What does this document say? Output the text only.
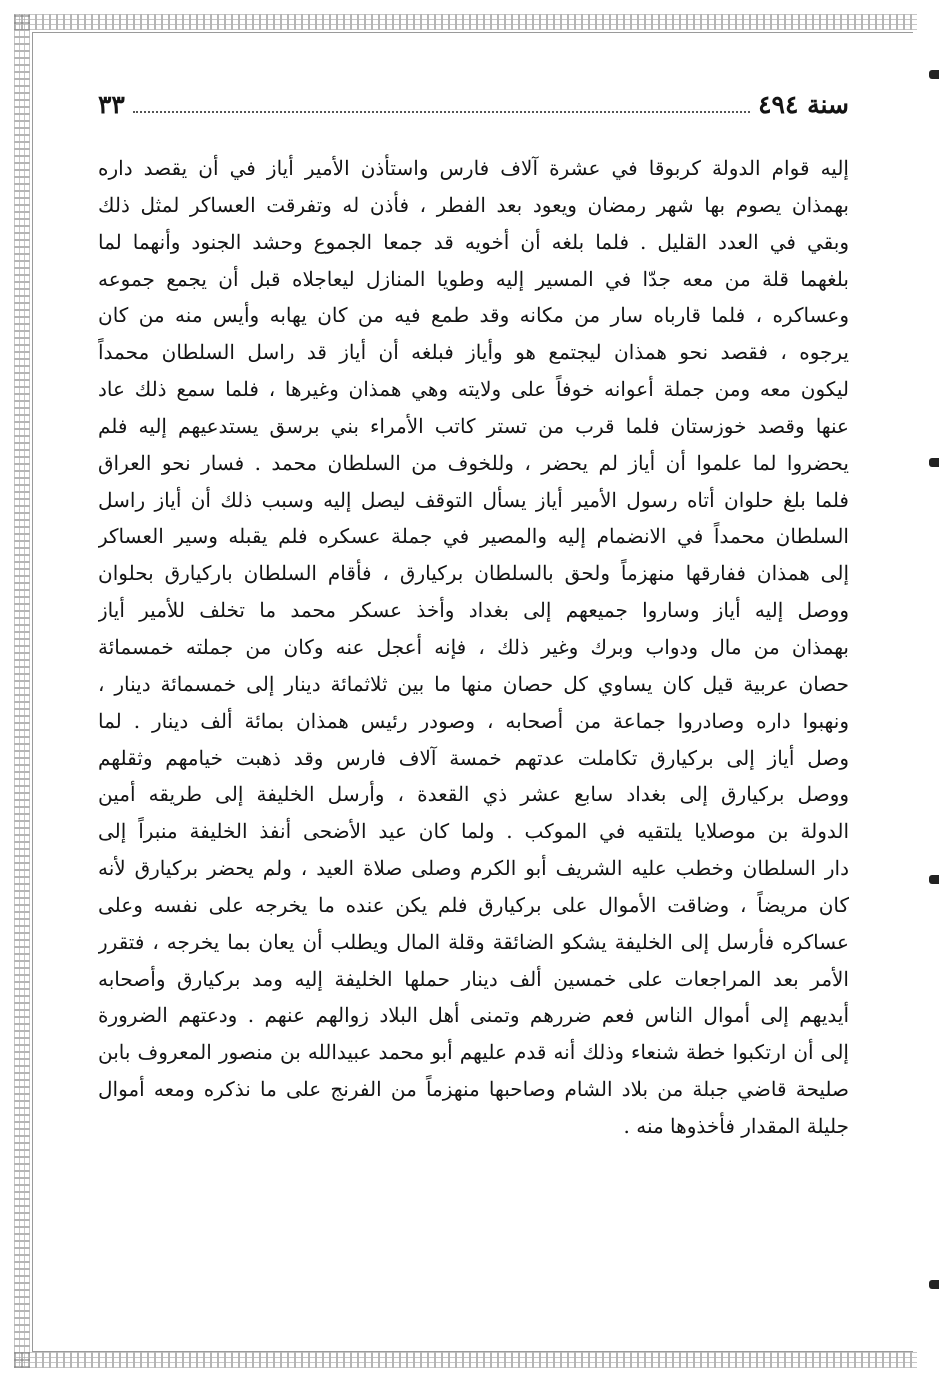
٣٣	سنة ٤٩٤
إليه قوام الدولة كربوقا في عشرة آلاف فارس واستأذن الأمير أياز في أن يقصد داره
بهمذان يصوم بها شهر رمضان ويعود بعد الفطر ، فأذن له وتفرقت العساكر لمثل ذلك
وبقي في العدد القليل . فلما بلغه أن أخويه قد جمعا الجموع وحشد الجنود وأنهما لما
بلغهما قلة من معه جدّا في المسير إليه وطويا المنازل ليعاجلاه قبل أن يجمع جموعه
وعساكره ، فلما قارباه سار من مكانه وقد طمع فيه من كان يهابه وأيس منه من كان
يرجوه ، فقصد نحو همذان ليجتمع هو وأياز فبلغه أن أياز قد راسل السلطان محمداً
ليكون معه ومن جملة أعوانه خوفاً على ولايته وهي همذان وغيرها ، فلما سمع ذلك عاد
عنها وقصد خوزستان فلما قرب من تستر كاتب الأمراء بني برسق يستدعيهم إليه فلم
يحضروا لما علموا أن أياز لم يحضر ، وللخوف من السلطان محمد . فسار نحو العراق
فلما بلغ حلوان أتاه رسول الأمير أياز يسأل التوقف ليصل إليه وسبب ذلك أن أياز راسل
السلطان محمداً في الانضمام إليه والمصير في جملة عسكره فلم يقبله وسير العساكر
إلى همذان ففارقها منهزماً ولحق بالسلطان بركيارق ، فأقام السلطان باركيارق بحلوان
ووصل إليه أياز وساروا جميعهم إلى بغداد وأخذ عسكر محمد ما تخلف للأمير أياز
بهمذان من مال ودواب وبرك وغير ذلك ، فإنه أعجل عنه وكان من جملته خمسمائة
حصان عربية قيل كان يساوي كل حصان منها ما بين ثلاثمائة دينار إلى خمسمائة دينار ،
ونهبوا داره وصادروا جماعة من أصحابه ، وصودر رئيس همذان بمائة ألف دينار . لما
وصل أياز إلى بركيارق تكاملت عدتهم خمسة آلاف فارس وقد ذهبت خيامهم وثقلهم
ووصل بركيارق إلى بغداد سابع عشر ذي القعدة ، وأرسل الخليفة إلى طريقه أمين
الدولة بن موصلايا يلتقيه في الموكب . ولما كان عيد الأضحى أنفذ الخليفة منبراً إلى
دار السلطان وخطب عليه الشريف أبو الكرم وصلى صلاة العيد ، ولم يحضر بركيارق لأنه
كان مريضاً ، وضاقت الأموال على بركيارق فلم يكن عنده ما يخرجه على نفسه وعلى
عساكره فأرسل إلى الخليفة يشكو الضائقة وقلة المال ويطلب أن يعان بما يخرجه ، فتقرر
الأمر بعد المراجعات على خمسين ألف دينار حملها الخليفة إليه ومد بركيارق وأصحابه
أيديهم إلى أموال الناس فعم ضررهم وتمنى أهل البلاد زوالهم عنهم . ودعتهم الضرورة
إلى أن ارتكبوا خطة شنعاء وذلك أنه قدم عليهم أبو محمد عبيدالله بن منصور المعروف بابن
صليحة قاضي جبلة من بلاد الشام وصاحبها منهزماً من الفرنج على ما نذكره ومعه أموال
جليلة المقدار فأخذوها منه .
